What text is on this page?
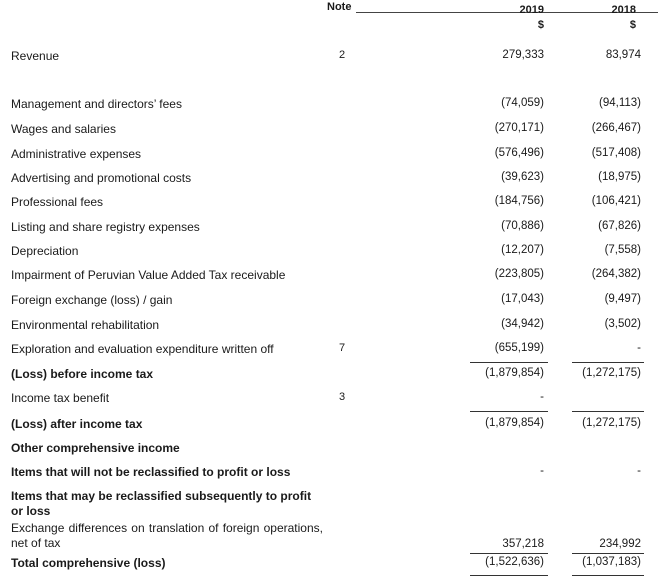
Note	2019	2018
$	$
Revenue	2	279,333	83,974
Management and directors’ fees	(74,059)	(94,113)
Wages and salaries	(270,171)	(266,467)
Administrative expenses	(576,496)	(517,408)
Advertising and promotional costs	(39,623)	(18,975)
Professional fees	(184,756)	(106,421)
Listing and share registry expenses	(70,886)	(67,826)
Depreciation	(12,207)	(7,558)
Impairment of Peruvian Value Added Tax receivable	(223,805)	(264,382)
Foreign exchange (loss) / gain	(17,043)	(9,497)
Environmental rehabilitation	(34,942)	(3,502)
Exploration and evaluation expenditure written off	7	(655,199)	-
(Loss) before income tax	(1,879,854)	(1,272,175)
Income tax benefit	3	-
(Loss) after income tax	(1,879,854)	(1,272,175)
Other comprehensive income
Items that will not be reclassified to profit or loss	-	-
Items that may be reclassified subsequently to profit or loss
Exchange differences on translation of foreign operations, net of tax	357,218	234,992
Total comprehensive (loss)	(1,522,636)	(1,037,183)
